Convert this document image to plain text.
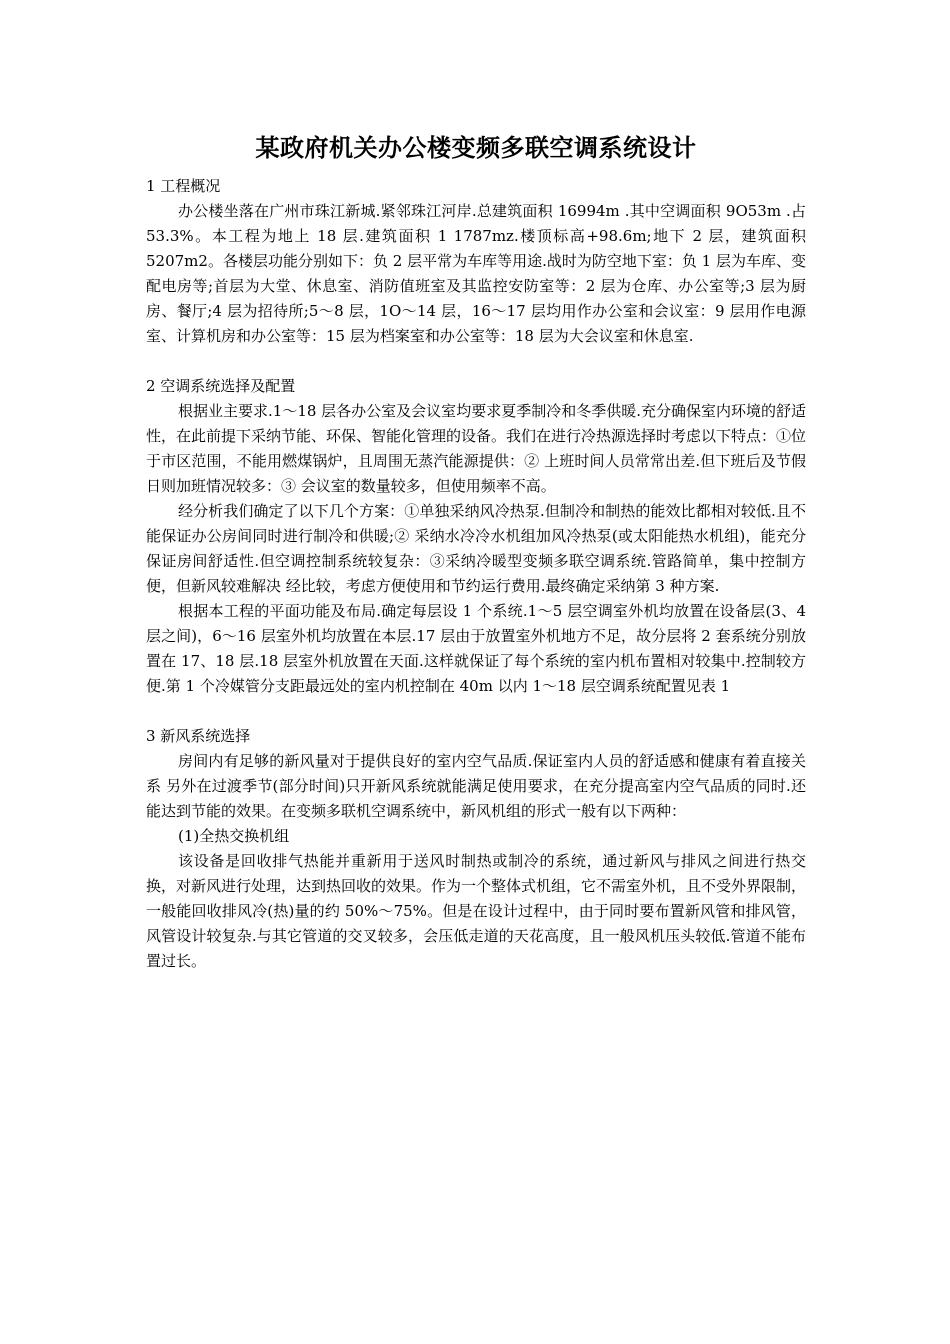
某政府机关办公楼变频多联空调系统设计

1 工程概况

办公楼坐落在广州市珠江新城.紧邻珠江河岸.总建筑面积 16994m .其中空调面积 9O53m .占 53.3%。本工程为地上 18 层.建筑面积 1 1787mz.楼顶标高+98.6m;地下 2 层，建筑面积 5207m2。各楼层功能分别如下：负 2 层平常为车库等用途.战时为防空地下室：负 1 层为车库、变配电房等;首层为大堂、休息室、消防值班室及其监控安防室等：2 层为仓库、办公室等;3 层为厨房、餐厅;4 层为招待所;5～8 层，1O～14 层，16～17 层均用作办公室和会议室：9 层用作电源室、计算机房和办公室等：15 层为档案室和办公室等：18 层为大会议室和休息室.

2 空调系统选择及配置

根据业主要求.1～18 层各办公室及会议室均要求夏季制冷和冬季供暖.充分确保室内环境的舒适性，在此前提下采纳节能、环保、智能化管理的设备。我们在进行冷热源选择时考虑以下特点：①位于市区范围，不能用燃煤锅炉，且周围无蒸汽能源提供：② 上班时间人员常常出差.但下班后及节假日则加班情况较多：③ 会议室的数量较多，但使用频率不高。

经分析我们确定了以下几个方案：①单独采纳风冷热泵.但制冷和制热的能效比都相对较低.且不能保证办公房间同时进行制冷和供暖;② 采纳水冷冷水机组加风冷热泵(或太阳能热水机组)，能充分保证房间舒适性.但空调控制系统较复杂：③采纳冷暖型变频多联空调系统.管路简单，集中控制方便，但新风较难解决 经比较，考虑方便使用和节约运行费用.最终确定采纳第 3 种方案.

根据本工程的平面功能及布局.确定每层设 1 个系统.1～5 层空调室外机均放置在设备层(3、4 层之间)，6～16 层室外机均放置在本层.17 层由于放置室外机地方不足，故分层将 2 套系统分别放置在 17、18 层.18 层室外机放置在天面.这样就保证了每个系统的室内机布置相对较集中.控制较方便.第 1 个冷媒管分支距最远处的室内机控制在 40m 以内 1～18 层空调系统配置见表 1

3 新风系统选择

房间内有足够的新风量对于提供良好的室内空气品质.保证室内人员的舒适感和健康有着直接关系 另外在过渡季节(部分时间)只开新风系统就能满足使用要求，在充分提高室内空气品质的同时.还能达到节能的效果。在变频多联机空调系统中，新风机组的形式一般有以下两种：

(1)全热交换机组

该设备是回收排气热能并重新用于送风时制热或制冷的系统，通过新风与排风之间进行热交换，对新风进行处理，达到热回收的效果。作为一个整体式机组，它不需室外机，且不受外界限制，一般能回收排风冷(热)量的约 50%～75%。但是在设计过程中，由于同时要布置新风管和排风管，风管设计较复杂.与其它管道的交叉较多，会压低走道的天花高度，且一般风机压头较低.管道不能布置过长。
